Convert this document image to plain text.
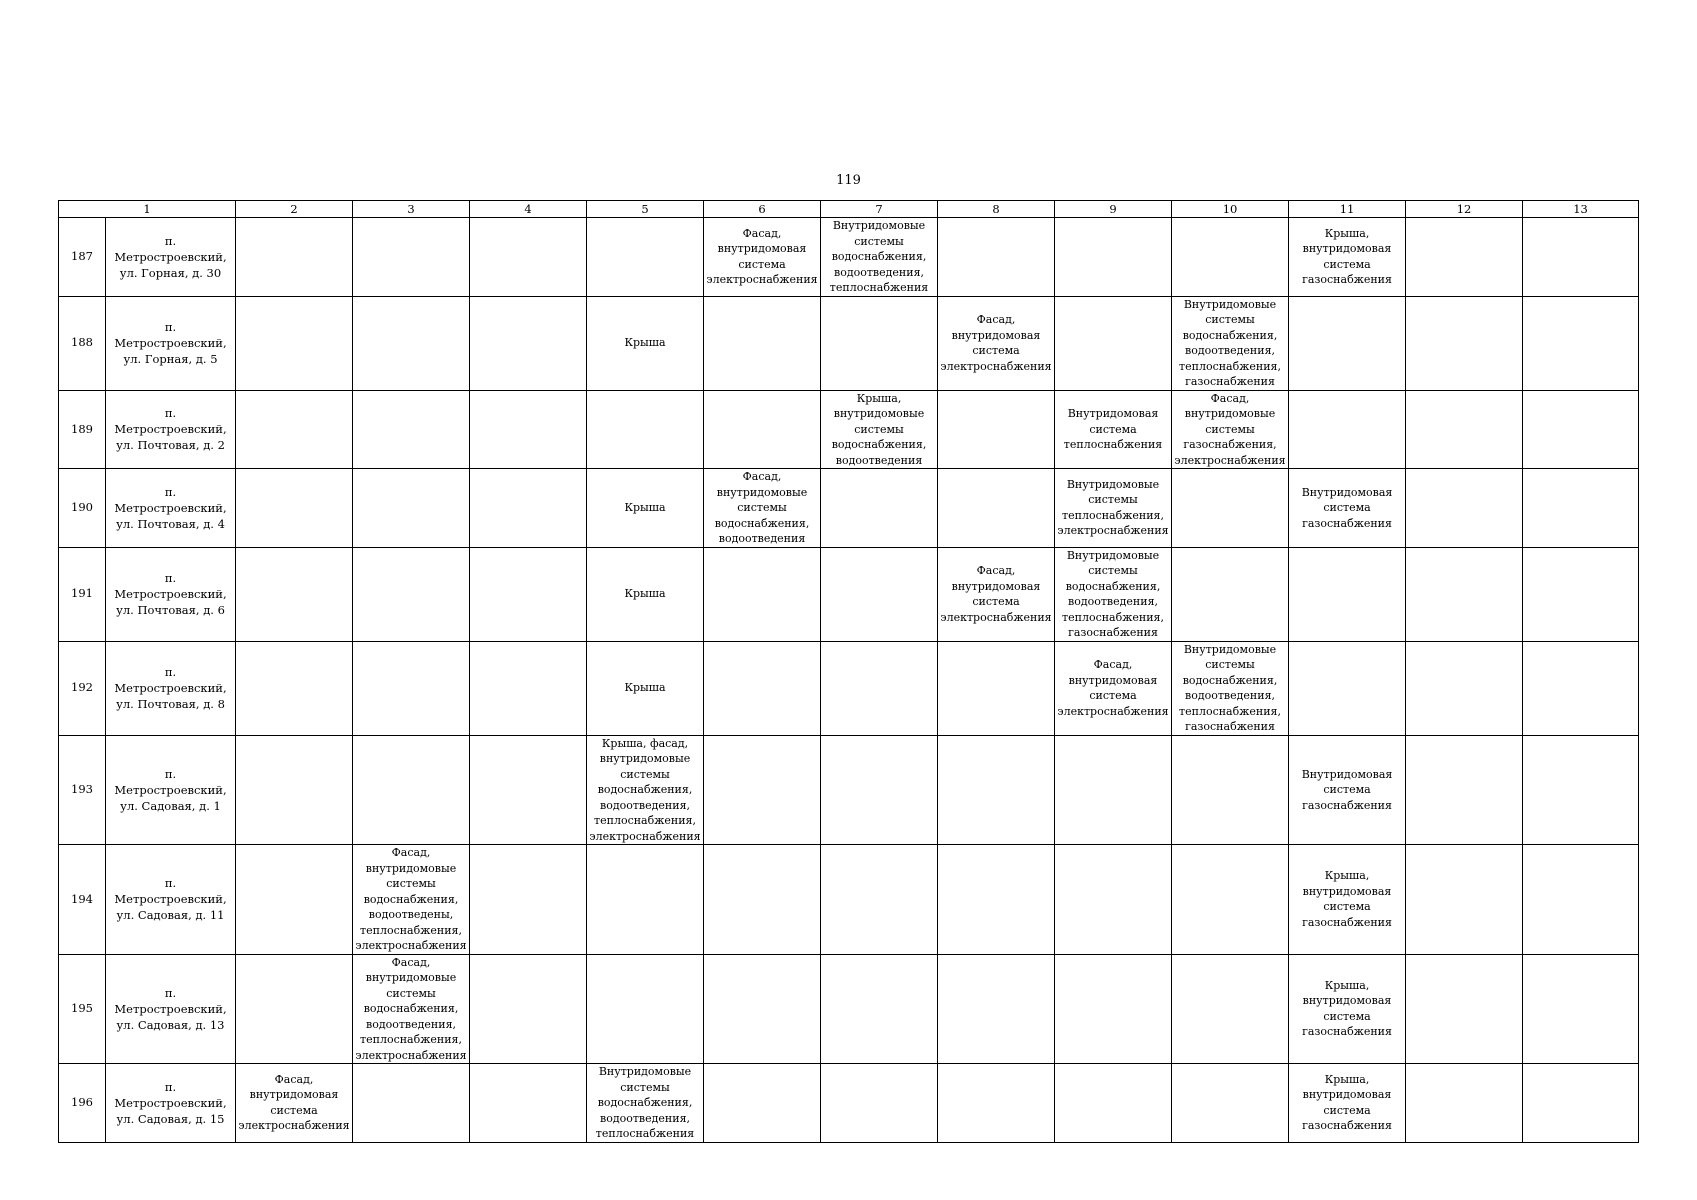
119
1		2	3	4	5	6	7	8	9	10	11	12	13
187	п. Метростроевский, ул. Горная, д. 30					Фасад, внутридомовая система электроснабжения	Внутридомовые системы водоснабжения, водоотведения, теплоснабжения				Крыша, внутридомовая система газоснабжения		
188	п. Метростроевский, ул. Горная, д. 5				Крыша			Фасад, внутридомовая система электроснабжения		Внутридомовые системы водоснабжения, водоотведения, теплоснабжения, газоснабжения			
189	п. Метростроевский, ул. Почтовая, д. 2						Крыша, внутридомовые системы водоснабжения, водоотведения		Внутридомовая система теплоснабжения	Фасад, внутридомовые системы газоснабжения, электроснабжения			
190	п. Метростроевский, ул. Почтовая, д. 4				Крыша	Фасад, внутридомовые системы водоснабжения, водоотведения			Внутридомовые системы теплоснабжения, электроснабжения		Внутридомовая система газоснабжения		
191	п. Метростроевский, ул. Почтовая, д. 6				Крыша			Фасад, внутридомовая система электроснабжения	Внутридомовые системы водоснабжения, водоотведения, теплоснабжения, газоснабжения				
192	п. Метростроевский, ул. Почтовая, д. 8				Крыша				Фасад, внутридомовая система электроснабжения	Внутридомовые системы водоснабжения, водоотведения, теплоснабжения, газоснабжения			
193	п. Метростроевский, ул. Садовая, д. 1				Крыша, фасад, внутридомовые системы водоснабжения, водоотведения, теплоснабжения, электроснабжения						Внутридомовая система газоснабжения		
194	п. Метростроевский, ул. Садовая, д. 11		Фасад, внутридомовые системы водоснабжения, водоотведены, теплоснабжения, электроснабжения								Крыша, внутридомовая система газоснабжения		
195	п. Метростроевский, ул. Садовая, д. 13		Фасад, внутридомовые системы водоснабжения, водоотведения, теплоснабжения, электроснабжения								Крыша, внутридомовая система газоснабжения		
196	п. Метростроевский, ул. Садовая, д. 15	Фасад, внутридомовая система электроснабжения			Внутридомовые системы водоснабжения, водоотведения, теплоснабжения						Крыша, внутридомовая система газоснабжения		
